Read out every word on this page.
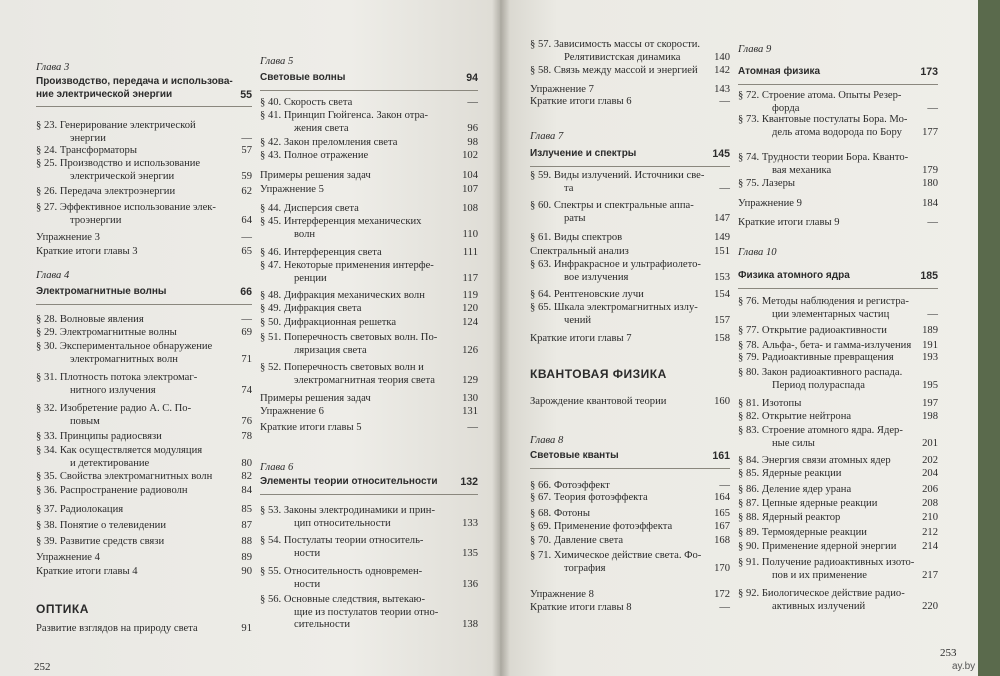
Глава 3
Производство, передача и использова-
ние электрической энергии	55
§ 23. Генерирование электрической
энергии	—
§ 24. Трансформаторы	57
§ 25. Производство и использование
электрической энергии	59
§ 26. Передача электроэнергии	62
§ 27. Эффективное использование элек-
троэнергии	64
Упражнение 3	—
Краткие итоги главы 3	65
Глава 4
Электромагнитные волны	66
§ 28. Волновые явления	—
§ 29. Электромагнитные волны	69
§ 30. Экспериментальное обнаружение
электромагнитных волн	71
§ 31. Плотность потока электромаг-
нитного излучения	74
§ 32. Изобретение радио А. С. По-
повым	76
§ 33. Принципы радиосвязи	78
§ 34. Как осуществляется модуляция
и детектирование	80
§ 35. Свойства электромагнитных волн	82
§ 36. Распространение радиоволн	84
§ 37. Радиолокация	85
§ 38. Понятие о телевидении	87
§ 39. Развитие средств связи	88
Упражнение 4	89
Краткие итоги главы 4	90
ОПТИКА
Развитие взглядов на природу света	91
Глава 5
Световые волны	94
§ 40. Скорость света	—
§ 41. Принцип Гюйгенса. Закон отра-
жения света	96
§ 42. Закон преломления света	98
§ 43. Полное отражение	102
Примеры решения задач	104
Упражнение 5	107
§ 44. Дисперсия света	108
§ 45. Интерференция механических
волн	110
§ 46. Интерференция света	111
§ 47. Некоторые применения интерфе-
ренции	117
§ 48. Дифракция механических волн	119
§ 49. Дифракция света	120
§ 50. Дифракционная решетка	124
§ 51. Поперечность световых волн. По-
ляризация света	126
§ 52. Поперечность световых волн и
электромагнитная теория света	129
Примеры решения задач	130
Упражнение 6	131
Краткие итоги главы 5	—
Глава 6
Элементы теории относительности	132
§ 53. Законы электродинамики и прин-
цип относительности	133
§ 54. Постулаты теории относитель-
ности	135
§ 55. Относительность одновремен-
ности	136
§ 56. Основные следствия, вытекаю-
щие из постулатов теории отно-
сительности	138
§ 57. Зависимость массы от скорости.
Релятивистская динамика	140
§ 58. Связь между массой и энергией	142
Упражнение 7	143
Краткие итоги главы 6	—
Глава 7
Излучение и спектры	145
§ 59. Виды излучений. Источники све-
та	—
§ 60. Спектры и спектральные аппа-
раты	147
§ 61. Виды спектров	149
Спектральный анализ	151
§ 63. Инфракрасное и ультрафиолето-
вое излучения	153
§ 64. Рентгеновские лучи	154
§ 65. Шкала электромагнитных излу-
чений	157
Краткие итоги главы 7	158
КВАНТОВАЯ ФИЗИКА
Зарождение квантовой теории	160
Глава 8
Световые кванты	161
§ 66. Фотоэффект	—
§ 67. Теория фотоэффекта	164
§ 68. Фотоны	165
§ 69. Применение фотоэффекта	167
§ 70. Давление света	168
§ 71. Химическое действие света. Фо-
тография	170
Упражнение 8	172
Краткие итоги главы 8	—
Глава 9
Атомная физика	173
§ 72. Строение атома. Опыты Резер-
форда	—
§ 73. Квантовые постулаты Бора. Мо-
дель атома водорода по Бору	177
§ 74. Трудности теории Бора. Кванто-
вая механика	179
§ 75. Лазеры	180
Упражнение 9	184
Краткие итоги главы 9	—
Глава 10
Физика атомного ядра	185
§ 76. Методы наблюдения и регистра-
ции элементарных частиц	—
§ 77. Открытие радиоактивности	189
§ 78. Альфа-, бета- и гамма-излучения	191
§ 79. Радиоактивные превращения	193
§ 80. Закон радиоактивного распада.
Период полураспада	195
§ 81. Изотопы	197
§ 82. Открытие нейтрона	198
§ 83. Строение атомного ядра. Ядер-
ные силы	201
§ 84. Энергия связи атомных ядер	202
§ 85. Ядерные реакции	204
§ 86. Деление ядер урана	206
§ 87. Цепные ядерные реакции	208
§ 88. Ядерный реактор	210
§ 89. Термоядерные реакции	212
§ 90. Применение ядерной энергии	214
§ 91. Получение радиоактивных изото-
пов и их применение	217
§ 92. Биологическое действие радио-
активных излучений	220
252
253
ay.by
